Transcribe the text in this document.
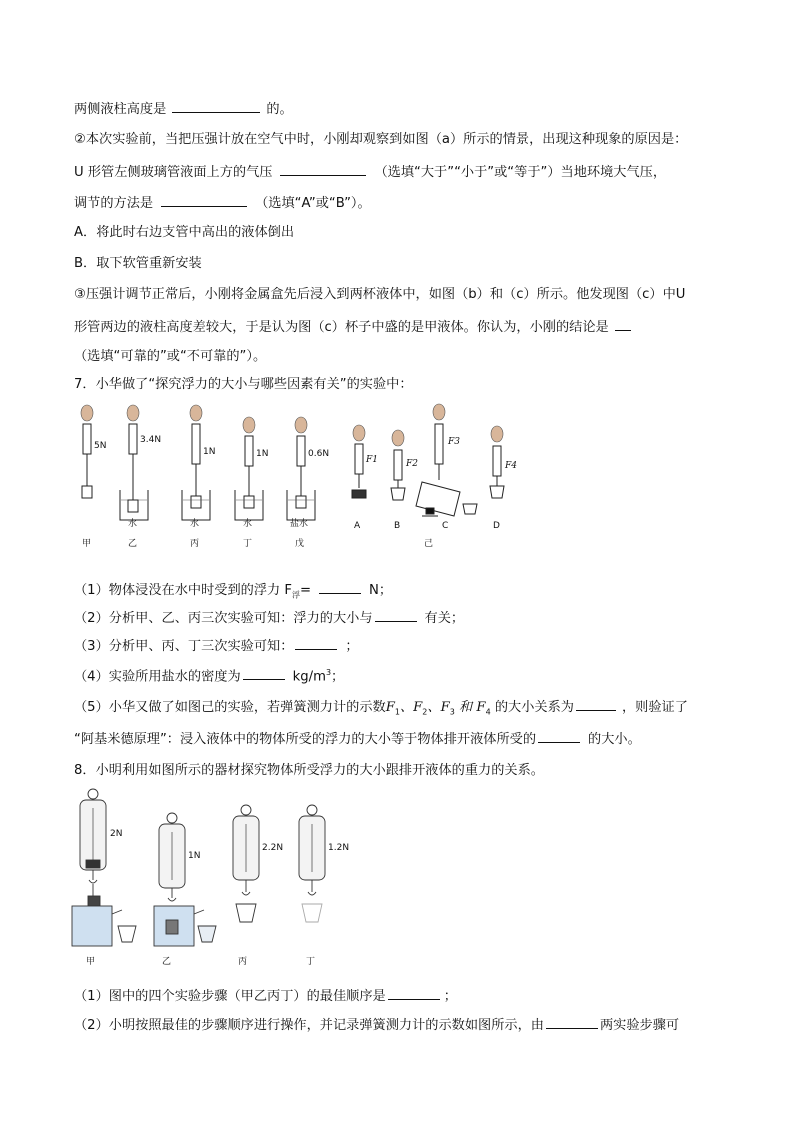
两侧液柱高度是	的。
②本次实验前，当把压强计放在空气中时，小刚却观察到如图（a）所示的情景，出现这种现象的原因是：
U 形管左侧玻璃管液面上方的气压	（选填“大于”“小于”或“等于”）当地环境大气压，
调节的方法是	（选填“A”或“B”）。
A．将此时右边支管中高出的液体倒出
B．取下软管重新安装
③压强计调节正常后，小刚将金属盒先后浸入到两杯液体中，如图（b）和（c）所示。他发现图（c）中U
形管两边的液柱高度差较大，于是认为图（c）杯子中盛的是甲液体。你认为，小刚的结论是
（选填“可靠的”或“不可靠的”）。
7．小华做了“探究浮力的大小与哪些因素有关”的实验中：
5N
3.4N
1N	1N	0.6N
F1	F2
F3
F4
水	水	水	盐水	A	B	C	D
甲	乙	丙	丁	戊	己
（1）物体浸没在水中时受到的浮力 $F_浮=$	N；
（2）分析甲、乙、丙三次实验可知：浮力的大小与	有关；
（3）分析甲、丙、丁三次实验可知：	；
（4）实验所用盐水的密度为	$kg/m^3$；
（5）小华又做了如图己的实验，若弹簧测力计的示数$F_1$、$F_2$、$F_3$ 和 $F_4$ 的大小关系为	，则验证了
“阿基米德原理”：浸入液体中的物体所受的浮力的大小等于物体排开液体所受的	的大小。
8．小明利用如图所示的器材探究物体所受浮力的大小跟排开液体的重力的关系。
2N
1N
2.2N	1.2N
甲	乙	丙	丁
（1）图中的四个实验步骤（甲乙丙丁）的最佳顺序是	；
（2）小明按照最佳的步骤顺序进行操作，并记录弹簧测力计的示数如图所示，由	两实验步骤可
